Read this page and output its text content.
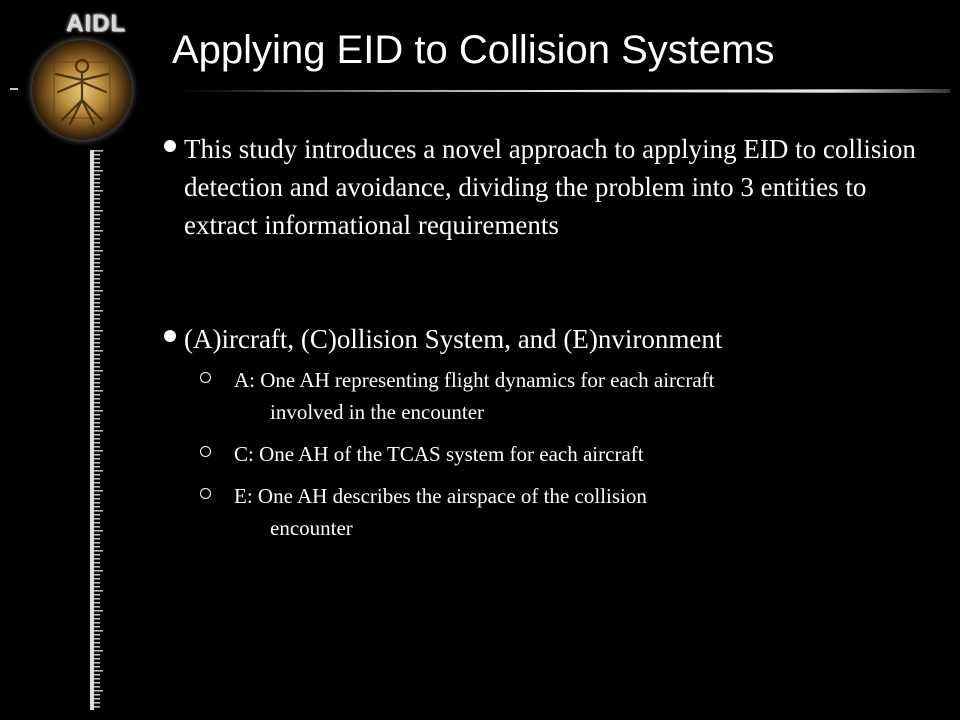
AIDL
Applying EID to Collision Systems
This study introduces a novel approach to applying EID to collision detection and avoidance, dividing the problem into 3 entities to extract informational requirements
(A)ircraft, (C)ollision System, and (E)nvironment
A: One AH representing flight dynamics for each aircraft
involved in the encounter
C: One AH of the TCAS system for each aircraft
E: One AH describes the airspace of the collision
encounter
